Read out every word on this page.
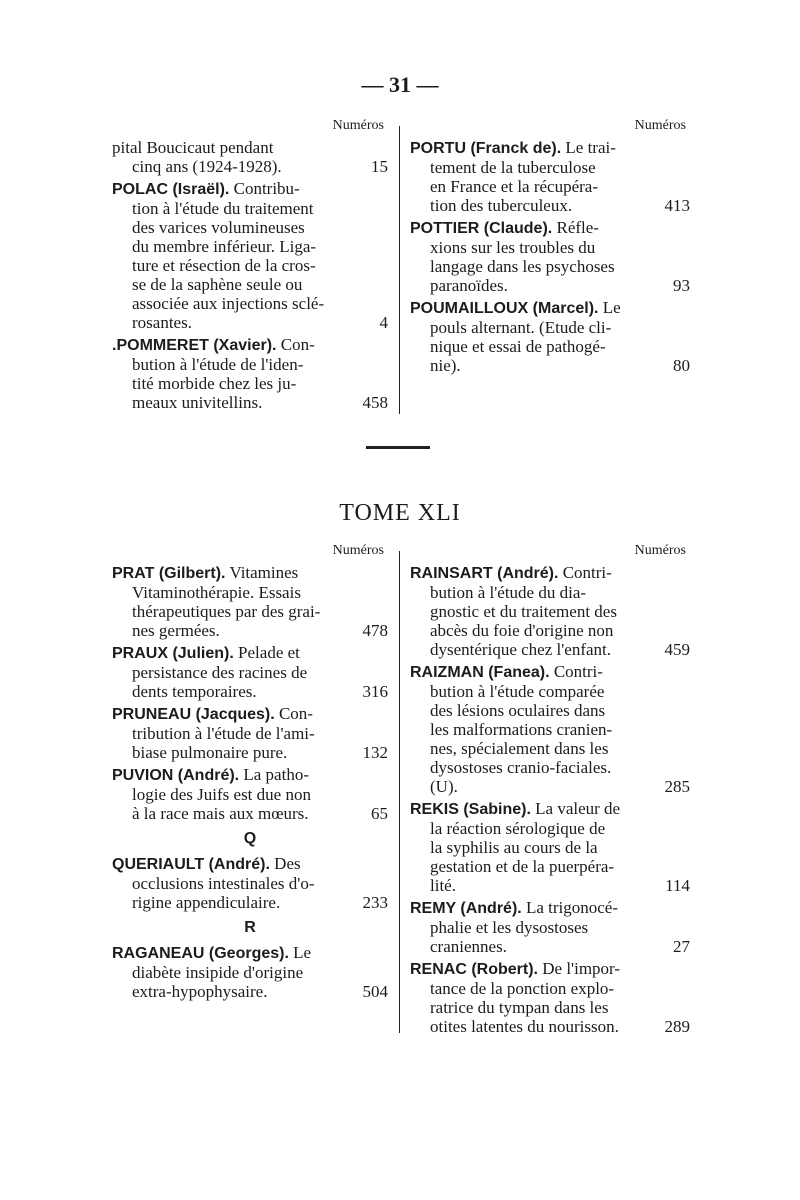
— 31 —
Numéros
pital Boucicaut pendant
cinq ans (1924-1928).	15
POLAC (Israël). Contribu-
tion à l'étude du traitement
des varices volumineuses
du membre inférieur. Liga-
ture et résection de la cros-
se de la saphène seule ou
associée aux injections sclé-
rosantes.	4
.POMMERET (Xavier). Con-
bution à l'étude de l'iden-
tité morbide chez les ju-
meaux univitellins.	458
Numéros
PORTU (Franck de). Le trai-
tement de la tuberculose
en France et la récupéra-
tion des tuberculeux.	413
POTTIER (Claude). Réfle-
xions sur les troubles du
langage dans les psychoses
paranoïdes.	93
POUMAILLOUX (Marcel). Le
pouls alternant. (Etude cli-
nique et essai de pathogé-
nie).	80
TOME XLI
Numéros
PRAT (Gilbert). Vitamines
Vitaminothérapie. Essais
thérapeutiques par des grai-
nes germées.	478
PRAUX (Julien). Pelade et
persistance des racines de
dents temporaires.	316
PRUNEAU (Jacques). Con-
tribution à l'étude de l'ami-
biase pulmonaire pure.	132
PUVION (André). La patho-
logie des Juifs est due non
à la race mais aux mœurs.	65
Q
QUERIAULT (André). Des
occlusions intestinales d'o-
rigine appendiculaire.	233
R
RAGANEAU (Georges). Le
diabète insipide d'origine
extra-hypophysaire.	504
Numéros
RAINSART (André). Contri-
bution à l'étude du dia-
gnostic et du traitement des
abcès du foie d'origine non
dysentérique chez l'enfant.	459
RAIZMAN (Fanea). Contri-
bution à l'étude comparée
des lésions oculaires dans
les malformations cranien-
nes, spécialement dans les
dysostoses cranio-faciales.
(U).	285
REKIS (Sabine). La valeur de
la réaction sérologique de
la syphilis au cours de la
gestation et de la puerpéra-
lité.	114
REMY (André). La trigonocé-
phalie et les dysostoses
craniennes.	27
RENAC (Robert). De l'impor-
tance de la ponction explo-
ratrice du tympan dans les
otites latentes du nourisson.	289
